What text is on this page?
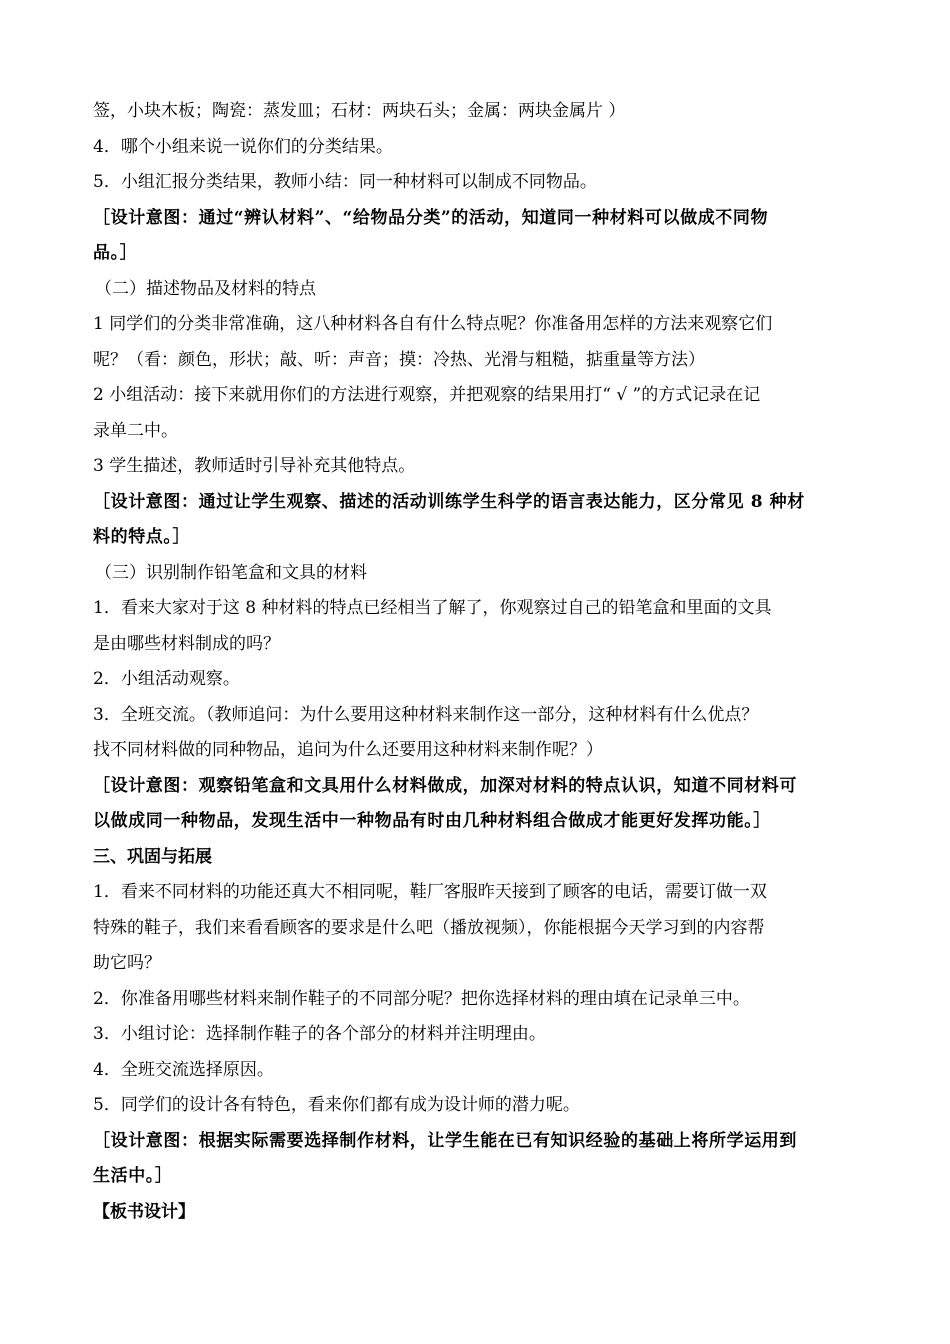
签，小块木板；陶瓷：蒸发皿；石材：两块石头；金属：两块金属片 ）

4．哪个小组来说一说你们的分类结果。

5．小组汇报分类结果，教师小结：同一种材料可以制成不同物品。

［设计意图：通过“辨认材料”、“给物品分类”的活动，知道同一种材料可以做成不同物

品。］

（二）描述物品及材料的特点

1 同学们的分类非常准确，这八种材料各自有什么特点呢？你准备用怎样的方法来观察它们

呢？（看：颜色，形状；敲、听：声音；摸：冷热、光滑与粗糙，掂重量等方法）

2 小组活动：接下来就用你们的方法进行观察，并把观察的结果用打“ √ ”的方式记录在记

录单二中。

3 学生描述，教师适时引导补充其他特点。

［设计意图：通过让学生观察、描述的活动训练学生科学的语言表达能力，区分常见 8 种材

料的特点。］

（三）识别制作铅笔盒和文具的材料

1．看来大家对于这 8 种材料的特点已经相当了解了，你观察过自己的铅笔盒和里面的文具

是由哪些材料制成的吗？

2．小组活动观察。

3．全班交流。（教师追问：为什么要用这种材料来制作这一部分，这种材料有什么优点？

找不同材料做的同种物品，追问为什么还要用这种材料来制作呢？）

［设计意图：观察铅笔盒和文具用什么材料做成，加深对材料的特点认识，知道不同材料可

以做成同一种物品，发现生活中一种物品有时由几种材料组合做成才能更好发挥功能。］

三、巩固与拓展

1．看来不同材料的功能还真大不相同呢，鞋厂客服昨天接到了顾客的电话，需要订做一双

特殊的鞋子，我们来看看顾客的要求是什么吧（播放视频），你能根据今天学习到的内容帮

助它吗？

2．你准备用哪些材料来制作鞋子的不同部分呢？把你选择材料的理由填在记录单三中。

3．小组讨论：选择制作鞋子的各个部分的材料并注明理由。

4．全班交流选择原因。

5．同学们的设计各有特色，看来你们都有成为设计师的潜力呢。

［设计意图：根据实际需要选择制作材料，让学生能在已有知识经验的基础上将所学运用到

生活中。］

【板书设计】
